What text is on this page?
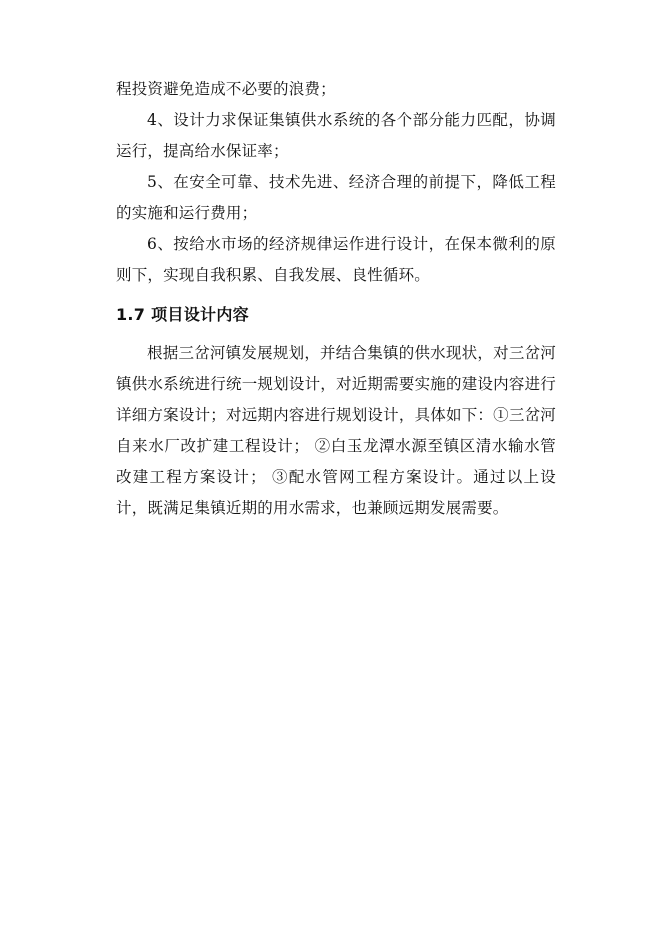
程投资避免造成不必要的浪费；

4、设计力求保证集镇供水系统的各个部分能力匹配，协调运行，提高给水保证率；

5、在安全可靠、技术先进、经济合理的前提下，降低工程的实施和运行费用；

6、按给水市场的经济规律运作进行设计，在保本微利的原则下，实现自我积累、自我发展、良性循环。

1.7 项目设计内容

根据三岔河镇发展规划，并结合集镇的供水现状，对三岔河镇供水系统进行统一规划设计，对近期需要实施的建设内容进行详细方案设计；对远期内容进行规划设计，具体如下：①三岔河自来水厂改扩建工程设计； ②白玉龙潭水源至镇区清水输水管改建工程方案设计； ③配水管网工程方案设计。通过以上设计，既满足集镇近期的用水需求，也兼顾远期发展需要。
